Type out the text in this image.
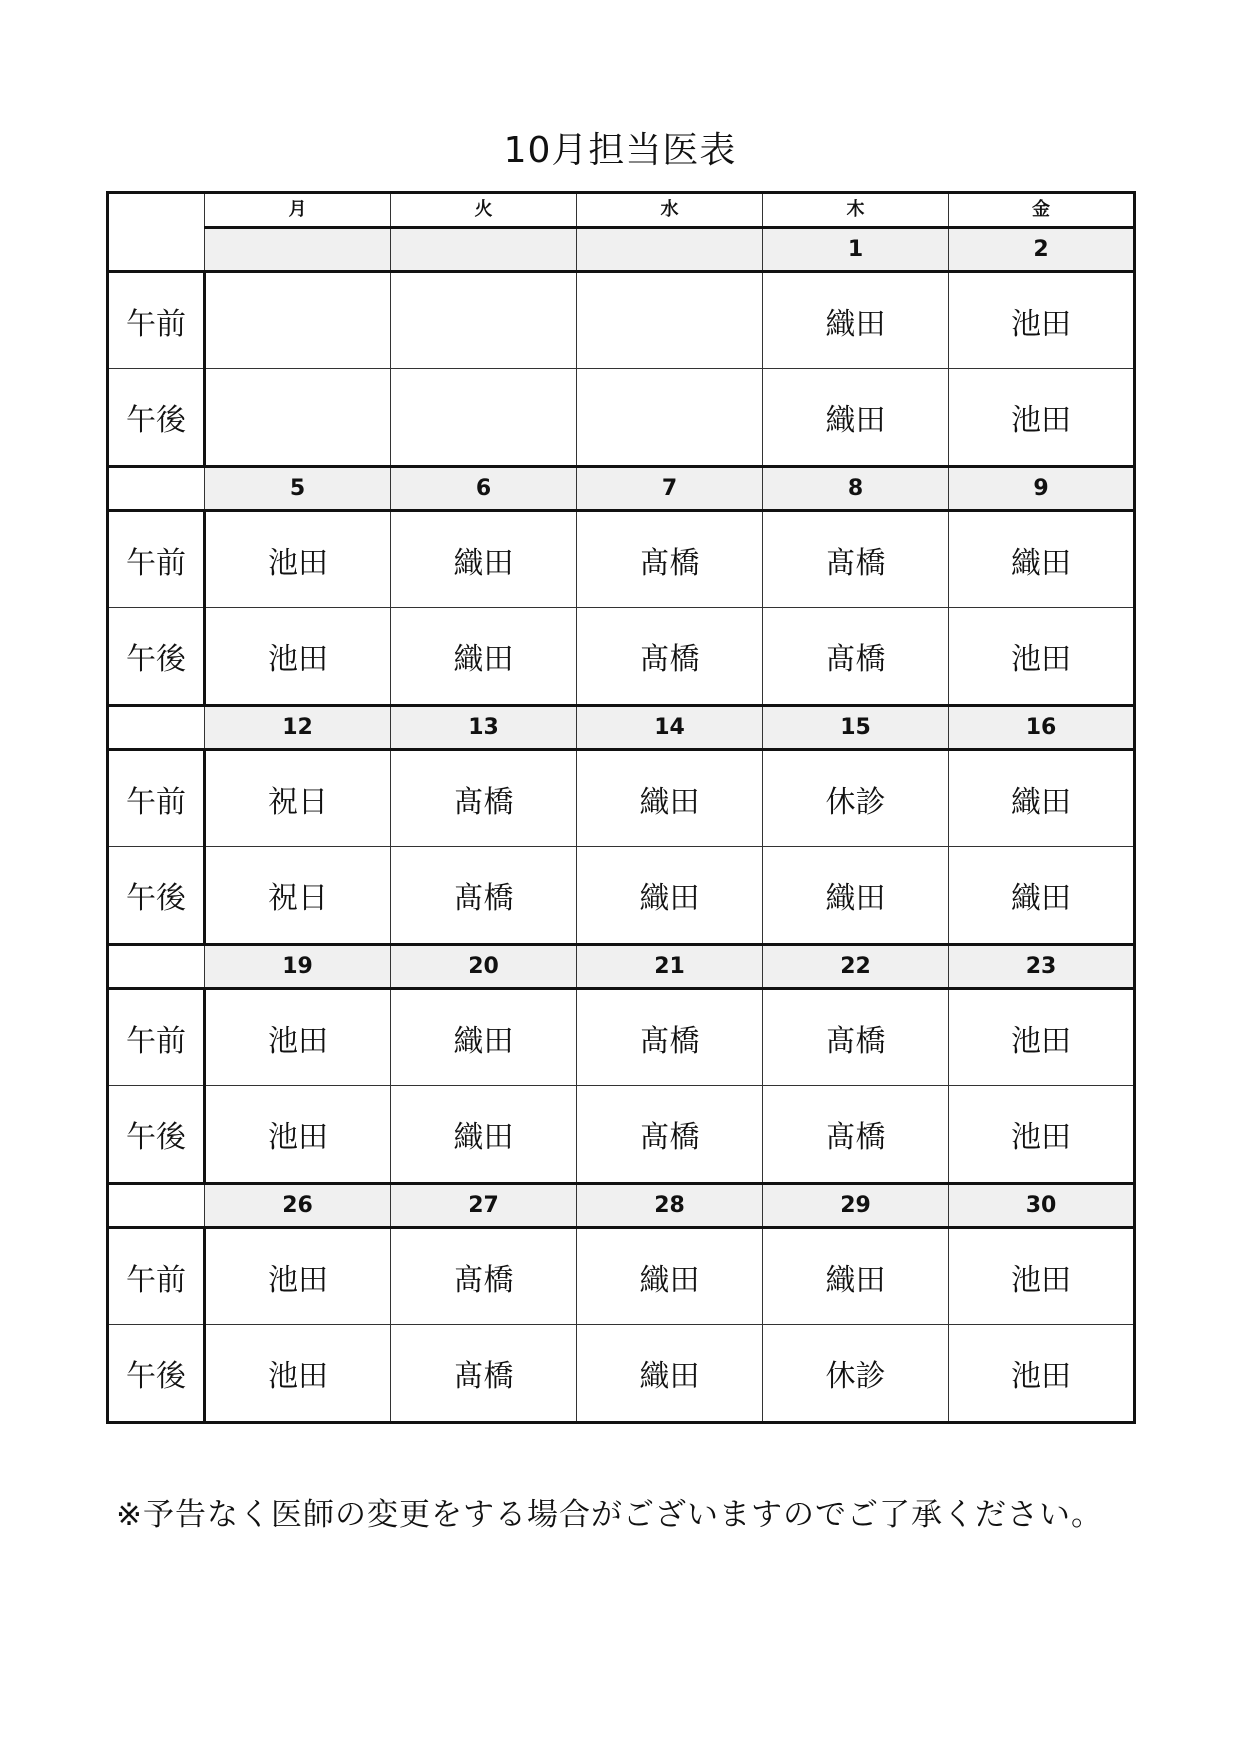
10月担当医表
	月	火	水	木	金
				1	2
午前				織田	池田
午後				織田	池田
	5	6	7	8	9
午前	池田	織田	髙橋	髙橋	織田
午後	池田	織田	髙橋	髙橋	池田
	12	13	14	15	16
午前	祝日	髙橋	織田	休診	織田
午後	祝日	髙橋	織田	織田	織田
	19	20	21	22	23
午前	池田	織田	髙橋	髙橋	池田
午後	池田	織田	髙橋	髙橋	池田
	26	27	28	29	30
午前	池田	髙橋	織田	織田	池田
午後	池田	髙橋	織田	休診	池田
※予告なく医師の変更をする場合がございますのでご了承ください。
